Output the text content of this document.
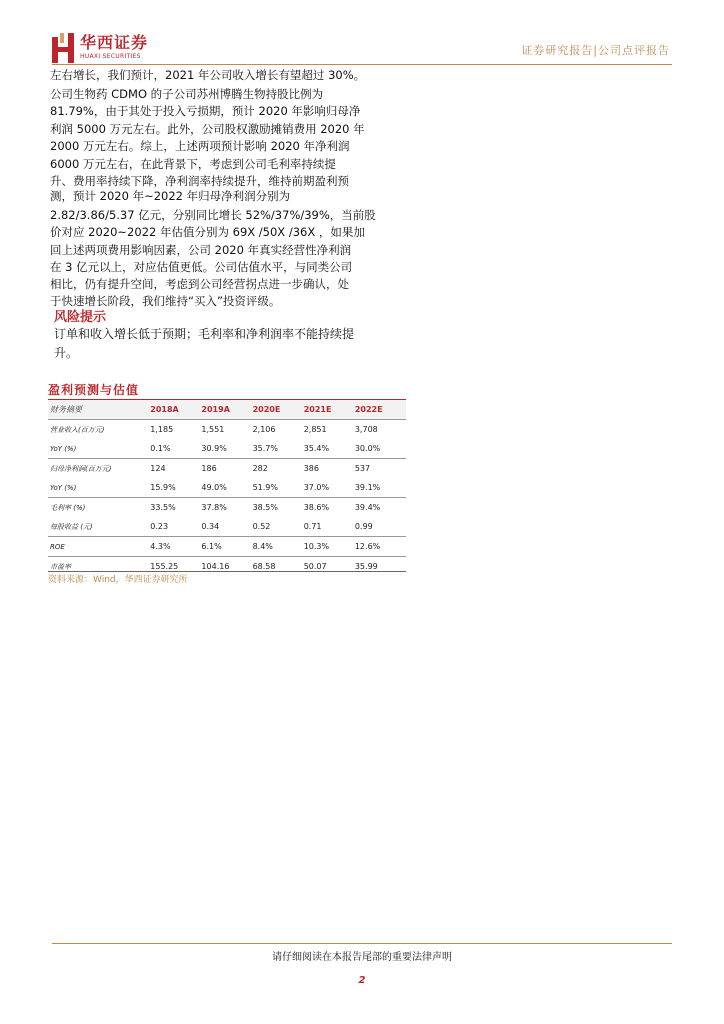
华西证券
HUAXI SECURITIES	证券研究报告|公司点评报告
左右增长，我们预计，2021 年公司收入增长有望超过 30%。
公司生物药 CDMO 的子公司苏州博腾生物持股比例为
81.79%，由于其处于投入亏损期，预计 2020 年影响归母净
利润 5000 万元左右。此外，公司股权激励摊销费用 2020 年
2000 万元左右。综上，上述两项预计影响 2020 年净利润
6000 万元左右，在此背景下，考虑到公司毛利率持续提
升、费用率持续下降，净利润率持续提升，维持前期盈利预
测，预计 2020 年~2022 年归母净利润分别为
2.82/3.86/5.37 亿元，分别同比增长 52%/37%/39%，当前股
价对应 2020~2022 年估值分别为 69X /50X /36X ，如果加
回上述两项费用影响因素，公司 2020 年真实经营性净利润
在 3 亿元以上，对应估值更低。公司估值水平，与同类公司
相比，仍有提升空间，考虑到公司经营拐点进一步确认，处
于快速增长阶段，我们维持“买入”投资评级。
风险提示
订单和收入增长低于预期；毛利率和净利润率不能持续提
升。
盈利预测与估值
财务摘要	2018A	2019A	2020E	2021E	2022E
营业收入(百万元)	1,185	1,551	2,106	2,851	3,708
YoY (%)	0.1%	30.9%	35.7%	35.4%	30.0%
归母净利润(百万元)	124	186	282	386	537
YoY (%)	15.9%	49.0%	51.9%	37.0%	39.1%
毛利率 (%)	33.5%	37.8%	38.5%	38.6%	39.4%
每股收益 (元)	0.23	0.34	0.52	0.71	0.99
ROE	4.3%	6.1%	8.4%	10.3%	12.6%
市盈率	155.25	104.16	68.58	50.07	35.99
资料来源：Wind，华西证券研究所
请仔细阅读在本报告尾部的重要法律声明
2
